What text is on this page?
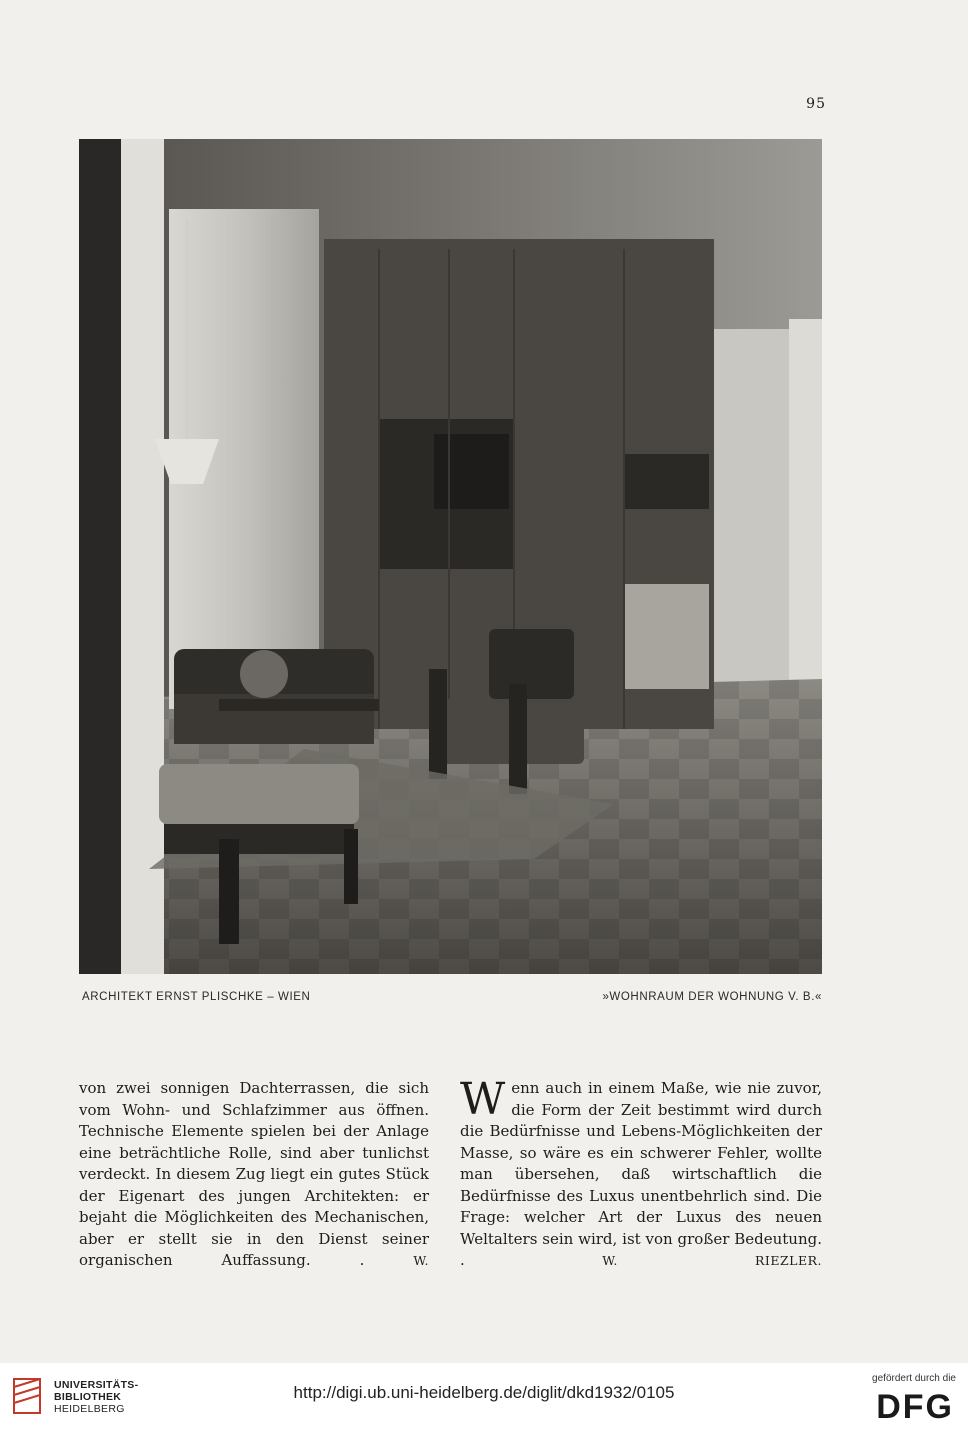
95
ARCHITEKT ERNST PLISCHKE – WIEN	»WOHNRAUM DER WOHNUNG V. B.«

von zwei sonnigen Dachterrassen, die sich vom Wohn- und Schlafzimmer aus öffnen. Technische Elemente spielen bei der Anlage eine beträchtliche Rolle, sind aber tunlichst verdeckt. In diesem Zug liegt ein gutes Stück der Eigenart des jungen Architekten: er bejaht die Möglichkeiten des Mechanischen, aber er stellt sie in den Dienst seiner organischen Auffassung. .	W.

Wenn auch in einem Maße, wie nie zuvor, die Form der Zeit bestimmt wird durch die Bedürfnisse und Lebens-Möglichkeiten der Masse, so wäre es ein schwerer Fehler, wollte man übersehen, daß wirtschaftlich die Bedürfnisse des Luxus unentbehrlich sind. Die Frage: welcher Art der Luxus des neuen Weltalters sein wird, ist von großer Bedeutung. .	W. RIEZLER.

UNIVERSITÄTS-
BIBLIOTHEK
HEIDELBERG
http://digi.ub.uni-heidelberg.de/diglit/dkd1932/0105
gefördert durch die
DFG
